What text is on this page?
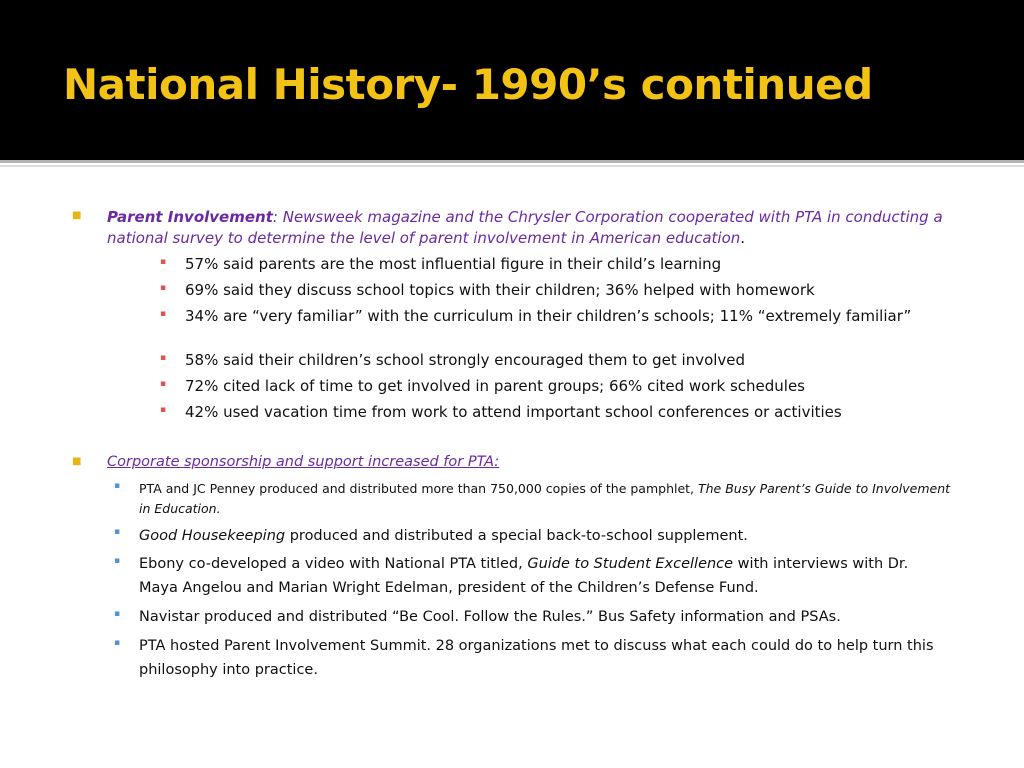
National History- 1990’s continued
■ Parent Involvement: Newsweek magazine and the Chrysler Corporation cooperated with PTA in conducting a national survey to determine the level of parent involvement in American education.
▪ 57% said parents are the most influential figure in their child’s learning
▪ 69% said they discuss school topics with their children; 36% helped with homework
▪ 34% are “very familiar” with the curriculum in their children’s schools; 11% “extremely familiar”
▪ 58% said their children’s school strongly encouraged them to get involved
▪ 72% cited lack of time to get involved in parent groups; 66% cited work schedules
▪ 42% used vacation time from work to attend important school conferences or activities
■ Corporate sponsorship and support increased for PTA:
▪ PTA and JC Penney produced and distributed more than 750,000 copies of the pamphlet, The Busy Parent’s Guide to Involvement in Education.
▪ Good Housekeeping produced and distributed a special back-to-school supplement.
▪ Ebony co-developed a video with National PTA titled, Guide to Student Excellence with interviews with Dr. Maya Angelou and Marian Wright Edelman, president of the Children’s Defense Fund.
▪ Navistar produced and distributed “Be Cool. Follow the Rules.” Bus Safety information and PSAs.
▪ PTA hosted Parent Involvement Summit. 28 organizations met to discuss what each could do to help turn this philosophy into practice.
